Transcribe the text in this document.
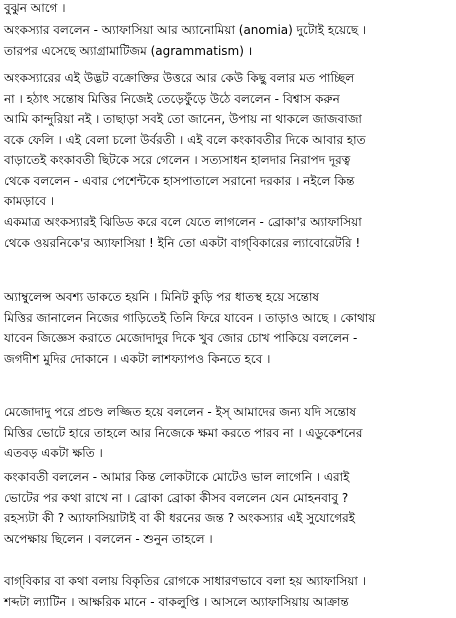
বুঝুন আগে ।

অংকস্যার বললেন - অ্যাফাসিয়া আর অ্যানোমিয়া (anomia) দুটোই হয়েছে ।
তারপর এসেছে অ্যাগ্রামাটিজম (agrammatism) ।

অংকস্যারের এই উদ্ভট বক্রোক্তির উত্তরে আর কেউ কিছু বলার মত পাচ্ছিল
না । হঠাৎ সন্তোষ মিত্তির নিজেই তেড়েফুঁড়ে উঠে বললেন - বিশ্বাস করুন
আমি কান্দুরিয়া নই । তাছাড়া সবই তো জানেন, উপায় না থাকলে জাজবাজা
বকে ফেলি । এই বেলা চলো উর্বরতী । এই বলে কংকাবতীর দিকে আবার হাত
বাড়াতেই কংকাবতী ছিটকে সরে গেলেন । সত্যসাধন হালদার নিরাপদ দূরত্ব
থেকে বললেন - এবার পেশেন্টকে হাসপাতালে সরানো দরকার । নইলে কিন্ত
কামড়াবে ।

একমাত্র অংকস্যারই ঝিডিড করে বলে যেতে লাগলেন - ব্রোকা'র অ্যাফাসিয়া
থেকে ওয়রনিকে'র অ্যাফাসিয়া ! ইনি তো একটা বাগ্‌বিকারের ল্যাবোরেটরি !

অ্যাম্বুলেন্স অবশ্য ডাকতে হয়নি । মিনিট কুড়ি পর ধাতস্থ হয়ে সন্তোষ
মিত্তির জানালেন নিজের গাড়িতেই তিনি ফিরে যাবেন । তাড়াও আছে । কোথায়
যাবেন জিজ্ঞেস করাতে মেজোদাদুর দিকে খুব জোর চোখ পাকিয়ে বললেন -
জগদীশ মুদির দোকানে । একটা লাশফ্যাপও কিনতে হবে ।

মেজোদাদু পরে প্রচণ্ড লজ্জিত হয়ে বললেন - ইস্‌ আমাদের জন্য যদি সন্তোষ
মিত্তির ভোটে হারে তাহলে আর নিজেকে ক্ষমা করতে পারব না । এডুকেশনের
এতবড় একটা ক্ষতি ।

কংকাবতী বললেন - আমার কিন্ত লোকটাকে মোটেও ভাল লাগেনি । এরাই
ভোটের পর কথা রাখে না । ব্রোকা ব্রোকা কীসব বললেন যেন মোহনবাবু ?
রহস্যটা কী ? অ্যাফাসিয়াটাই বা কী ধরনের জন্ত ? অংকস্যার এই সুযোগেরই
অপেক্ষায় ছিলেন । বললেন - শুনুন তাহলে ।

বাগ্‌বিকার বা কথা বলায় বিকৃতির রোগকে সাধারণভাবে বলা হয় অ্যাফাসিয়া ।
শব্দটা ল্যাটিন । আক্ষরিক মানে - বাকলুপ্তি । আসলে অ্যাফাসিয়ায় আক্রান্ত
